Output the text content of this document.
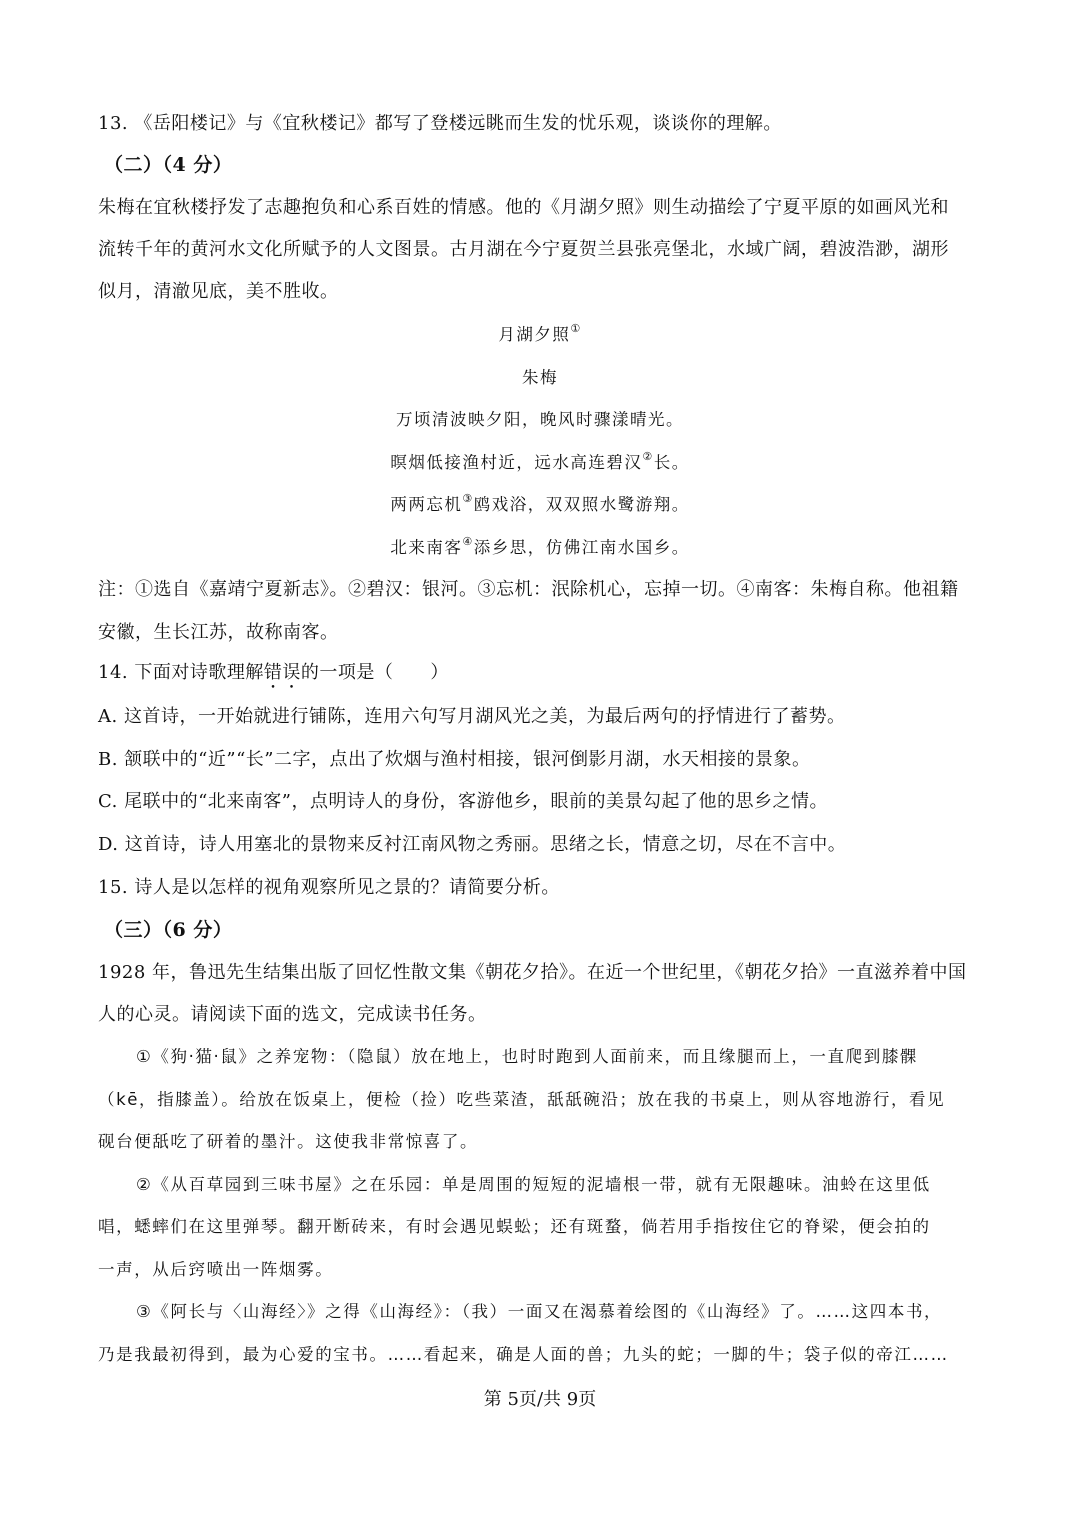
13. 《岳阳楼记》与《宜秋楼记》都写了登楼远眺而生发的忧乐观，谈谈你的理解。
（二）（4 分）
朱梅在宜秋楼抒发了志趣抱负和心系百姓的情感。他的《月湖夕照》则生动描绘了宁夏平原的如画风光和
流转千年的黄河水文化所赋予的人文图景。古月湖在今宁夏贺兰县张亮堡北，水域广阔，碧波浩渺，湖形
似月，清澈见底，美不胜收。
月湖夕照①
朱梅
万顷清波映夕阳，晚风时骤漾晴光。
暝烟低接渔村近，远水高连碧汉②长。
两两忘机③鸥戏浴，双双照水鹭游翔。
北来南客④添乡思，仿佛江南水国乡。
注：①选自《嘉靖宁夏新志》。②碧汉：银河。③忘机：泯除机心，忘掉一切。④南客：朱梅自称。他祖籍
安徽，生长江苏，故称南客。
14. 下面对诗歌理解错误的一项是（　　）
A. 这首诗，一开始就进行铺陈，连用六句写月湖风光之美，为最后两句的抒情进行了蓄势。
B. 颔联中的“近”“长”二字，点出了炊烟与渔村相接，银河倒影月湖，水天相接的景象。
C. 尾联中的“北来南客”，点明诗人的身份，客游他乡，眼前的美景勾起了他的思乡之情。
D. 这首诗，诗人用塞北的景物来反衬江南风物之秀丽。思绪之长，情意之切，尽在不言中。
15. 诗人是以怎样的视角观察所见之景的？请简要分析。
（三）（6 分）
1928 年，鲁迅先生结集出版了回忆性散文集《朝花夕拾》。在近一个世纪里，《朝花夕拾》一直滋养着中国
人的心灵。请阅读下面的选文，完成读书任务。
①《狗·猫·鼠》之养宠物：（隐鼠）放在地上，也时时跑到人面前来，而且缘腿而上，一直爬到膝髁
（kē，指膝盖）。给放在饭桌上，便检（捡）吃些菜渣，舐舐碗沿；放在我的书桌上，则从容地游行，看见
砚台便舐吃了研着的墨汁。这使我非常惊喜了。
②《从百草园到三味书屋》之在乐园：单是周围的短短的泥墙根一带，就有无限趣味。油蛉在这里低
唱，蟋蟀们在这里弹琴。翻开断砖来，有时会遇见蜈蚣；还有斑蝥，倘若用手指按住它的脊梁，便会拍的
一声，从后窍喷出一阵烟雾。
③《阿长与〈山海经〉》之得《山海经》：（我）一面又在渴慕着绘图的《山海经》了。……这四本书，
乃是我最初得到，最为心爱的宝书。……看起来，确是人面的兽；九头的蛇；一脚的牛；袋子似的帝江……
第 5页/共 9页
